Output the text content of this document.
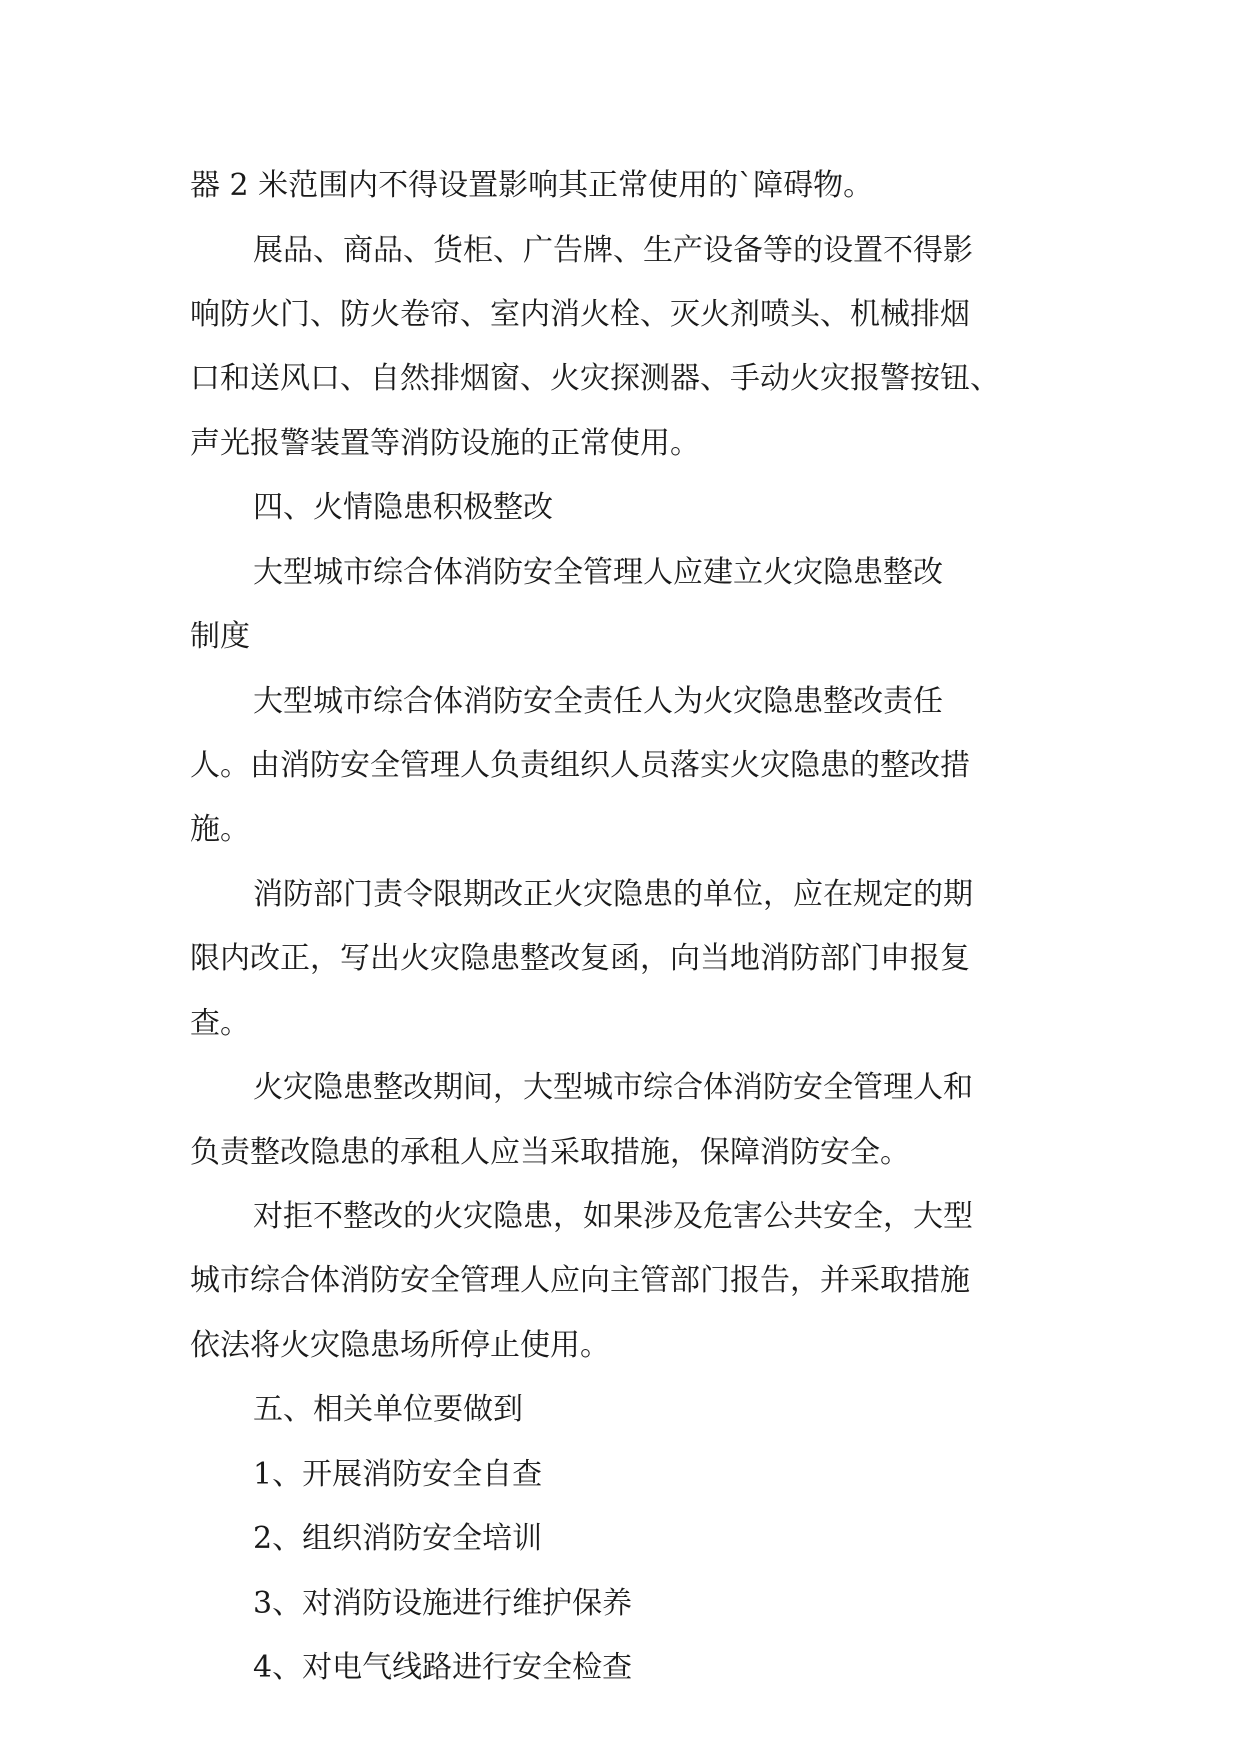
器 2 米范围内不得设置影响其正常使用的`障碍物。
展品、商品、货柜、广告牌、生产设备等的设置不得影
响防火门、防火卷帘、室内消火栓、灭火剂喷头、机械排烟
口和送风口、自然排烟窗、火灾探测器、手动火灾报警按钮、
声光报警装置等消防设施的正常使用。
四、火情隐患积极整改
大型城市综合体消防安全管理人应建立火灾隐患整改
制度
大型城市综合体消防安全责任人为火灾隐患整改责任
人。由消防安全管理人负责组织人员落实火灾隐患的整改措
施。
消防部门责令限期改正火灾隐患的单位，应在规定的期
限内改正，写出火灾隐患整改复函，向当地消防部门申报复
查。
火灾隐患整改期间，大型城市综合体消防安全管理人和
负责整改隐患的承租人应当采取措施，保障消防安全。
对拒不整改的火灾隐患，如果涉及危害公共安全，大型
城市综合体消防安全管理人应向主管部门报告，并采取措施
依法将火灾隐患场所停止使用。
五、相关单位要做到
1、开展消防安全自查
2、组织消防安全培训
3、对消防设施进行维护保养
4、对电气线路进行安全检查
